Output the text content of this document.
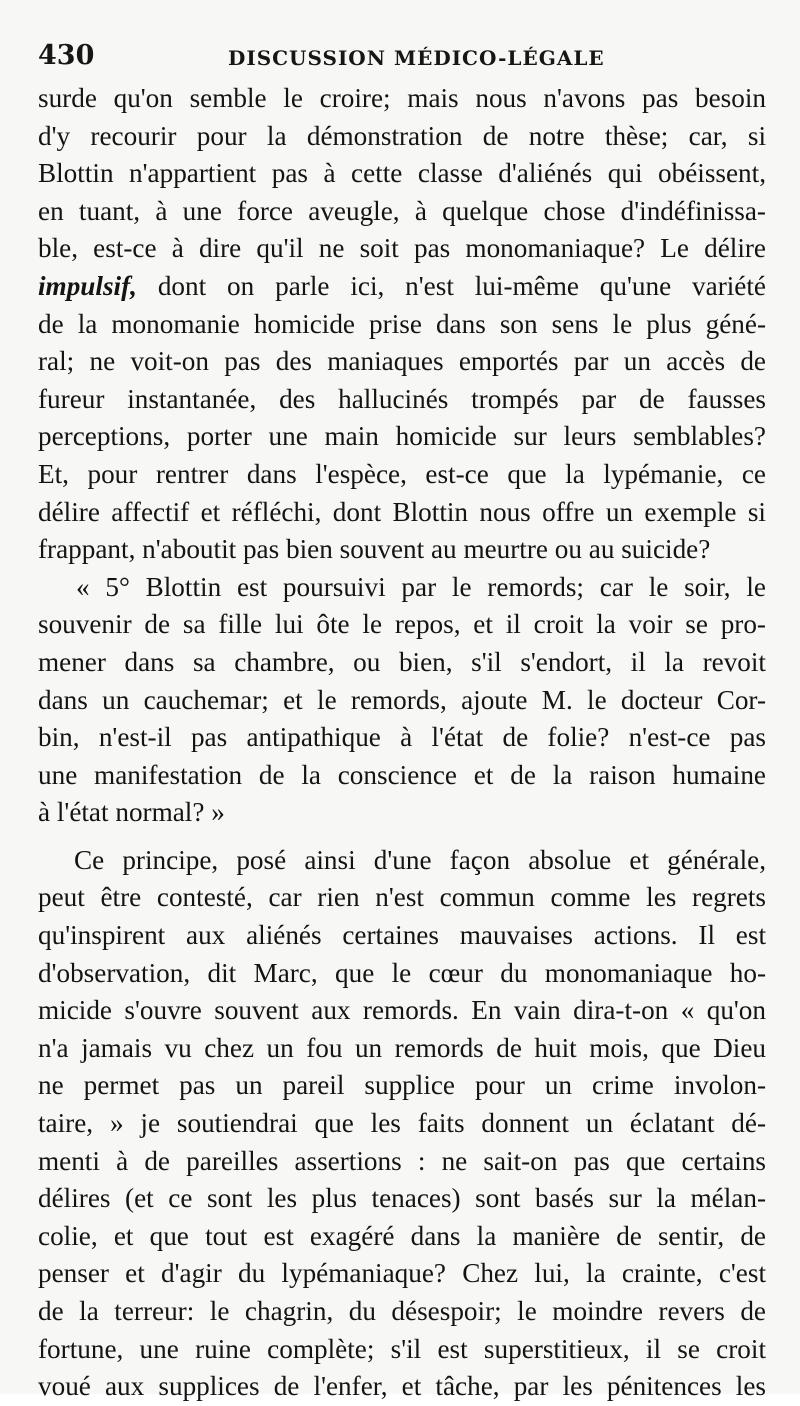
430	DISCUSSION MÉDICO-LÉGALE
surde qu'on semble le croire; mais nous n'avons pas besoin
d'y recourir pour la démonstration de notre thèse; car, si
Blottin n'appartient pas à cette classe d'aliénés qui obéissent,
en tuant, à une force aveugle, à quelque chose d'indéfinissa-
ble, est-ce à dire qu'il ne soit pas monomaniaque? Le délire
impulsif, dont on parle ici, n'est lui-même qu'une variété
de la monomanie homicide prise dans son sens le plus géné-
ral; ne voit-on pas des maniaques emportés par un accès de
fureur instantanée, des hallucinés trompés par de fausses
perceptions, porter une main homicide sur leurs semblables?
Et, pour rentrer dans l'espèce, est-ce que la lypémanie, ce
délire affectif et réfléchi, dont Blottin nous offre un exemple si
frappant, n'aboutit pas bien souvent au meurtre ou au suicide?
« 5° Blottin est poursuivi par le remords; car le soir, le
souvenir de sa fille lui ôte le repos, et il croit la voir se pro-
mener dans sa chambre, ou bien, s'il s'endort, il la revoit
dans un cauchemar; et le remords, ajoute M. le docteur Cor-
bin, n'est-il pas antipathique à l'état de folie? n'est-ce pas
une manifestation de la conscience et de la raison humaine
à l'état normal? »
Ce principe, posé ainsi d'une façon absolue et générale,
peut être contesté, car rien n'est commun comme les regrets
qu'inspirent aux aliénés certaines mauvaises actions. Il est
d'observation, dit Marc, que le cœur du monomaniaque ho-
micide s'ouvre souvent aux remords. En vain dira-t-on « qu'on
n'a jamais vu chez un fou un remords de huit mois, que Dieu
ne permet pas un pareil supplice pour un crime involon-
taire, » je soutiendrai que les faits donnent un éclatant dé-
menti à de pareilles assertions : ne sait-on pas que certains
délires (et ce sont les plus tenaces) sont basés sur la mélan-
colie, et que tout est exagéré dans la manière de sentir, de
penser et d'agir du lypémaniaque? Chez lui, la crainte, c'est
de la terreur: le chagrin, du désespoir; le moindre revers de
fortune, une ruine complète; s'il est superstitieux, il se croit
voué aux supplices de l'enfer, et tâche, par les pénitences les
